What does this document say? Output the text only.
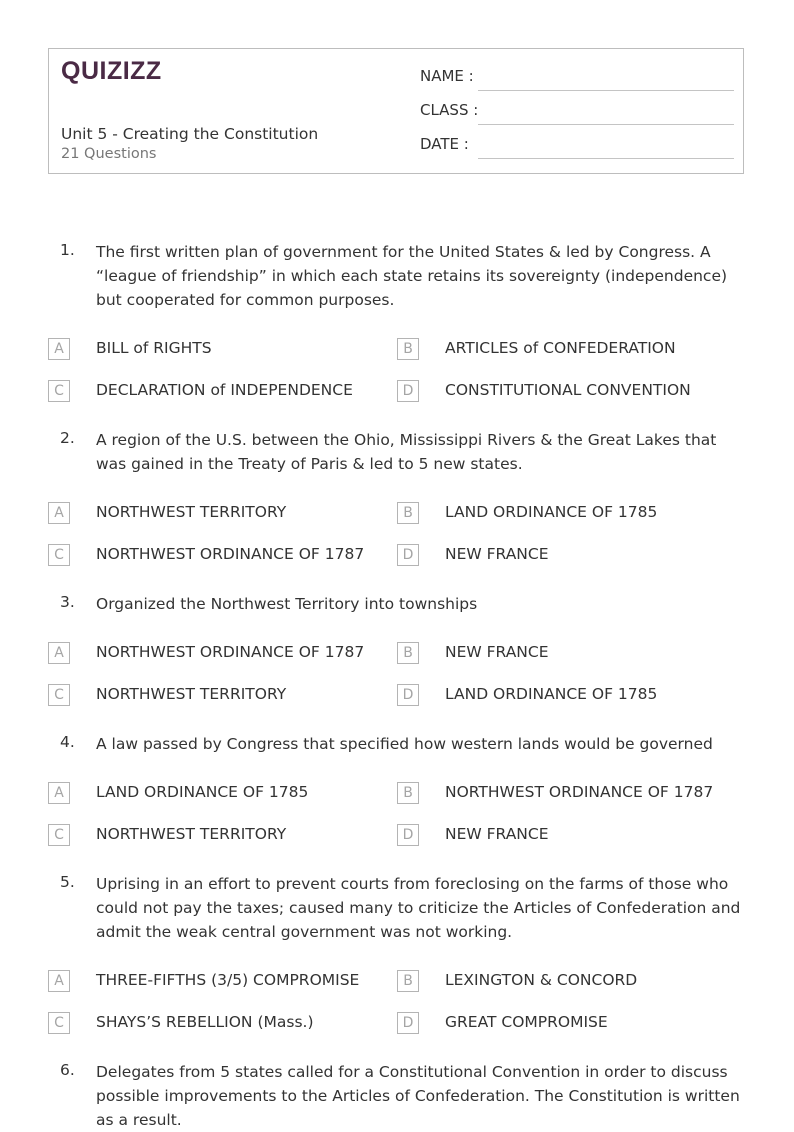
QUIZIZZ
Unit 5 - Creating the Constitution
21 Questions
NAME :
CLASS :
DATE :
1. The first written plan of government for the United States & led by Congress. A “league of friendship” in which each state retains its sovereignty (independence) but cooperated for common purposes.
A	BILL of RIGHTS	B	ARTICLES of CONFEDERATION
C	DECLARATION of INDEPENDENCE	D	CONSTITUTIONAL CONVENTION
2. A region of the U.S. between the Ohio, Mississippi Rivers & the Great Lakes that was gained in the Treaty of Paris & led to 5 new states.
A	NORTHWEST TERRITORY	B	LAND ORDINANCE OF 1785
C	NORTHWEST ORDINANCE OF 1787	D	NEW FRANCE
3. Organized the Northwest Territory into townships
A	NORTHWEST ORDINANCE OF 1787	B	NEW FRANCE
C	NORTHWEST TERRITORY	D	LAND ORDINANCE OF 1785
4. A law passed by Congress that specified how western lands would be governed
A	LAND ORDINANCE OF 1785	B	NORTHWEST ORDINANCE OF 1787
C	NORTHWEST TERRITORY	D	NEW FRANCE
5. Uprising in an effort to prevent courts from foreclosing on the farms of those who could not pay the taxes; caused many to criticize the Articles of Confederation and admit the weak central government was not working.
A	THREE-FIFTHS (3/5) COMPROMISE	B	LEXINGTON & CONCORD
C	SHAYS’S REBELLION (Mass.)	D	GREAT COMPROMISE
6. Delegates from 5 states called for a Constitutional Convention in order to discuss possible improvements to the Articles of Confederation. The Constitution is written as a result.
